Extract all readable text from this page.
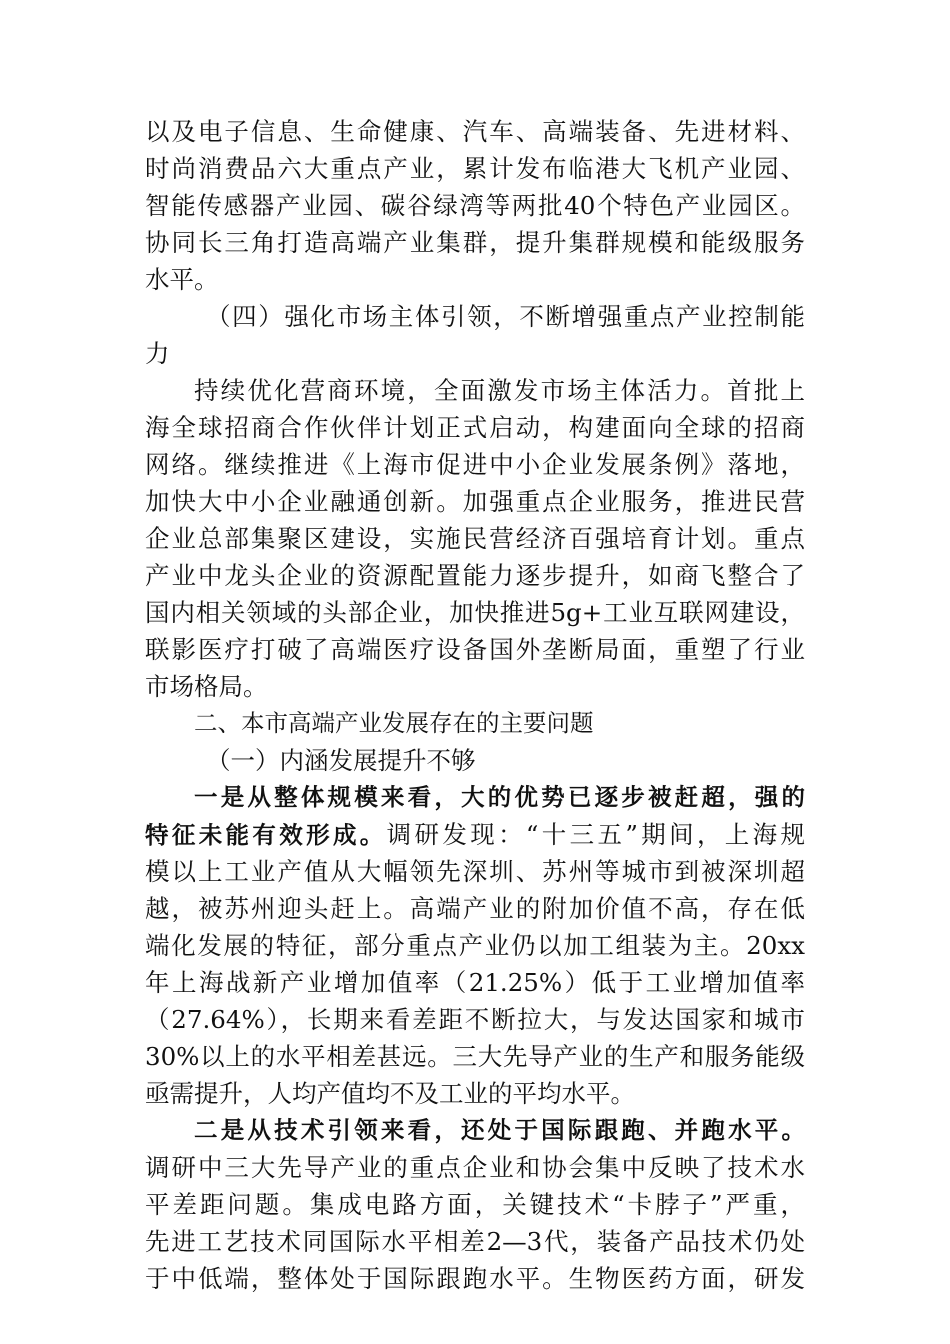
以及电子信息、生命健康、汽车、高端装备、先进材料、
时尚消费品六大重点产业，累计发布临港大飞机产业园、
智能传感器产业园、碳谷绿湾等两批40个特色产业园区。
协同长三角打造高端产业集群，提升集群规模和能级服务
水平。
（四）强化市场主体引领，不断增强重点产业控制能
力
持续优化营商环境，全面激发市场主体活力。首批上
海全球招商合作伙伴计划正式启动，构建面向全球的招商
网络。继续推进《上海市促进中小企业发展条例》落地，
加快大中小企业融通创新。加强重点企业服务，推进民营
企业总部集聚区建设，实施民营经济百强培育计划。重点
产业中龙头企业的资源配置能力逐步提升，如商飞整合了
国内相关领域的头部企业，加快推进5g+工业互联网建设，
联影医疗打破了高端医疗设备国外垄断局面，重塑了行业
市场格局。
二、本市高端产业发展存在的主要问题
（一）内涵发展提升不够
一是从整体规模来看，大的优势已逐步被赶超，强的
特征未能有效形成。调研发现：“十三五”期间，上海规
模以上工业产值从大幅领先深圳、苏州等城市到被深圳超
越，被苏州迎头赶上。高端产业的附加价值不高，存在低
端化发展的特征，部分重点产业仍以加工组装为主。20xx
年上海战新产业增加值率（21.25%）低于工业增加值率
（27.64%），长期来看差距不断拉大，与发达国家和城市
30%以上的水平相差甚远。三大先导产业的生产和服务能级
亟需提升，人均产值均不及工业的平均水平。
二是从技术引领来看，还处于国际跟跑、并跑水平。
调研中三大先导产业的重点企业和协会集中反映了技术水
平差距问题。集成电路方面，关键技术“卡脖子”严重，
先进工艺技术同国际水平相差2—3代，装备产品技术仍处
于中低端，整体处于国际跟跑水平。生物医药方面，研发
